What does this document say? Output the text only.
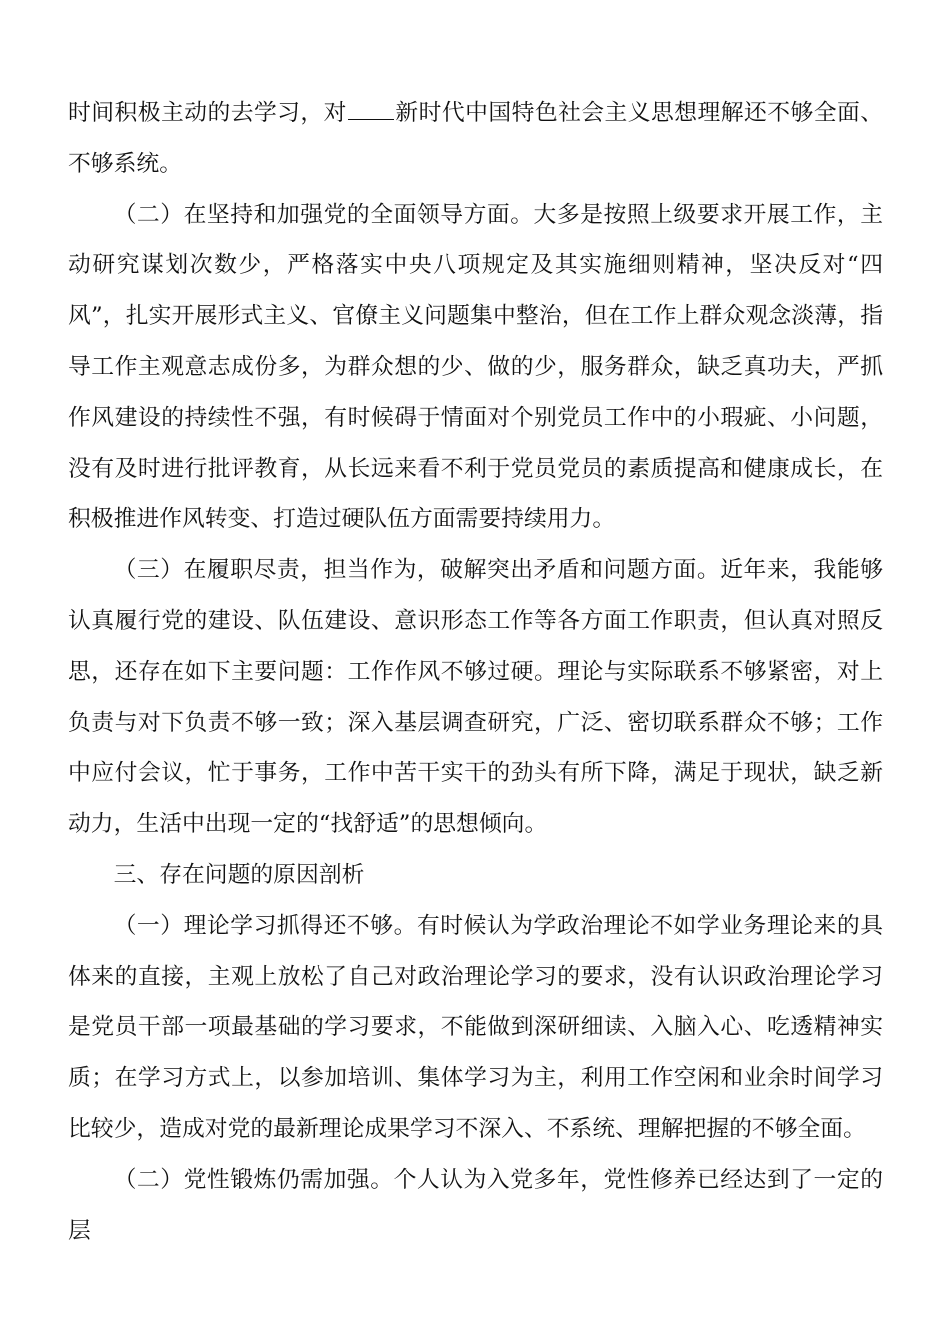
时间积极主动的去学习，对 新时代中国特色社会主义思想理解还不够全面、不够系统。

（二）在坚持和加强党的全面领导方面。大多是按照上级要求开展工作，主动研究谋划次数少，严格落实中央八项规定及其实施细则精神，坚决反对“四风”，扎实开展形式主义、官僚主义问题集中整治，但在工作上群众观念淡薄，指导工作主观意志成份多，为群众想的少、做的少，服务群众，缺乏真功夫，严抓作风建设的持续性不强，有时候碍于情面对个别党员工作中的小瑕疵、小问题，没有及时进行批评教育，从长远来看不利于党员党员的素质提高和健康成长，在积极推进作风转变、打造过硬队伍方面需要持续用力。

（三）在履职尽责，担当作为，破解突出矛盾和问题方面。近年来，我能够认真履行党的建设、队伍建设、意识形态工作等各方面工作职责，但认真对照反思，还存在如下主要问题：工作作风不够过硬。理论与实际联系不够紧密，对上负责与对下负责不够一致；深入基层调查研究，广泛、密切联系群众不够；工作中应付会议，忙于事务，工作中苦干实干的劲头有所下降，满足于现状，缺乏新动力，生活中出现一定的“找舒适”的思想倾向。

三、存在问题的原因剖析

（一）理论学习抓得还不够。有时候认为学政治理论不如学业务理论来的具体来的直接，主观上放松了自己对政治理论学习的要求，没有认识政治理论学习是党员干部一项最基础的学习要求，不能做到深研细读、入脑入心、吃透精神实质；在学习方式上，以参加培训、集体学习为主，利用工作空闲和业余时间学习比较少，造成对党的最新理论成果学习不深入、不系统、理解把握的不够全面。

（二）党性锻炼仍需加强。个人认为入党多年，党性修养已经达到了一定的层
